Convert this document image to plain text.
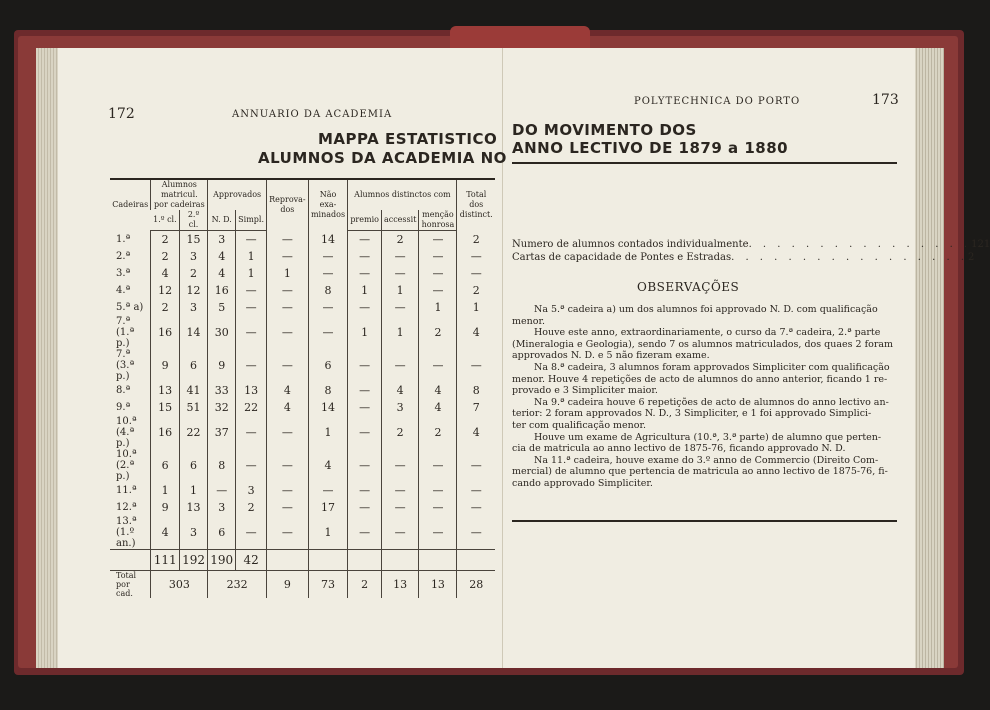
172	ANNUARIO DA ACADEMIA
MAPPA ESTATISTICO
ALUMNOS DA ACADEMIA NO
Cadeiras	Alumnos matricul. por cadeiras		Approvados		Reprova-dos	Não exa-minados	Alumnos distinctos com			Total dos distinct.
	1.º cl.	2.º cl.	N. D.	Simpl.			premio	accessit	menção honrosa	
1.ª	2	15	3	—	—	14	—	2	—	2
2.ª	2	3	4	1	—	—	—	—	—	—
3.ª	4	2	4	1	1	—	—	—	—	—
4.ª	12	12	16	—	—	8	1	1	—	2
5.ª a)	2	3	5	—	—	—	—	—	1	1
7.ª (1.ª p.)	16	14	30	—	—	—	1	1	2	4
7.ª (3.ª p.)	9	6	9	—	—	6	—	—	—	—
8.ª	13	41	33	13	4	8	—	4	4	8
9.ª	15	51	32	22	4	14	—	3	4	7
10.ª (4.ª p.)	16	22	37	—	—	1	—	2	2	4
10.ª (2.ª p.)	6	6	8	—	—	4	—	—	—	—
11.ª	1	1	—	3	—	—	—	—	—	—
12.ª	9	13	3	2	—	17	—	—	—	—
13.ª (1.º an.)	4	3	6	—	—	1	—	—	—	—
	111	192	190	42						
Total por cad.	303		232		9	73	2	13	13	28
POLYTECHNICA DO PORTO	173
DO MOVIMENTO DOS
ANNO LECTIVO DE 1879 a 1880
Numero de alumnos contados individualmente . . . . . . . . . . . . . . . . 121
Cartas de capacidade de Pontes e Estradas . . . . . . . . . . . . . . . . . 2
OBSERVAÇÕES
Na 5.ª cadeira a) um dos alumnos foi approvado N. D. com qualificação
menor.
Houve este anno, extraordinariamente, o curso da 7.ª cadeira, 2.ª parte
(Mineralogia e Geologia), sendo 7 os alumnos matriculados, dos quaes 2 foram
approvados N. D. e 5 não fizeram exame.
Na 8.ª cadeira, 3 alumnos foram approvados Simpliciter com qualificação
menor. Houve 4 repetições de acto de alumnos do anno anterior, ficando 1 re-
provado e 3 Simpliciter maior.
Na 9.ª cadeira houve 6 repetições de acto de alumnos do anno lectivo an-
terior: 2 foram approvados N. D., 3 Simpliciter, e 1 foi approvado Simplici-
ter com qualificação menor.
Houve um exame de Agricultura (10.ª, 3.ª parte) de alumno que perten-
cia de matricula ao anno lectivo de 1875-76, ficando approvado N. D.
Na 11.ª cadeira, houve exame do 3.º anno de Commercio (Direito Com-
mercial) de alumno que pertencia de matricula ao anno lectivo de 1875-76, fi-
cando approvado Simpliciter.
